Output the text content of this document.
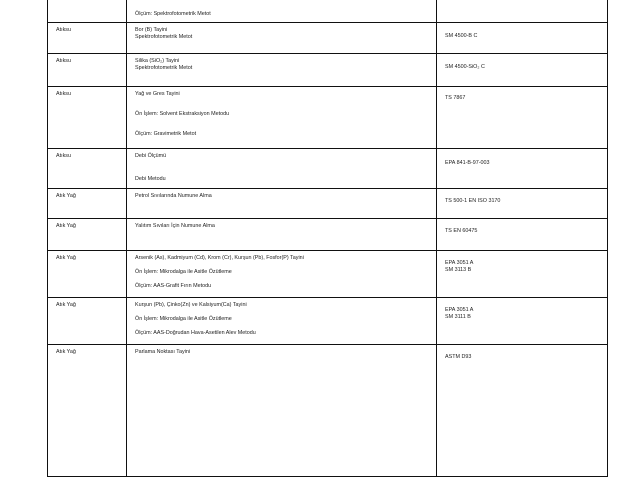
	Ölçüm: Spektrofotometrik Metot	

Atıksu	Bor (B) Tayini
Spektrofotometrik Metot	SM 4500-B C

Atıksu	Silika (SiO₂) Tayini
Spektrofotometrik Metot	SM 4500-SiO₂ C

Atıksu	Yağ ve Gres Tayini
Ön İşlem: Solvent Ekstraksiyon Metodu
Ölçüm: Gravimetrik Metot	TS 7867

Atıksu	Debi Ölçümü
Debi Metodu	EPA 841-B-97-003

Atık Yağ	Petrol Sıvılarında Numune Alma	TS 500-1 EN ISO 3170

Atık Yağ	Yalıtım Sıvıları İçin Numune Alma	TS EN 60475

Atık Yağ	Arsenik (As), Kadmiyum (Cd), Krom (Cr), Kurşun (Pb), Fosfor(P) Tayini
Ön İşlem: Mikrodalga ile Asitle Özütleme
Ölçüm: AAS-Grafit Fırın Metodu	EPA 3051 A
SM 3113 B

Atık Yağ	Kurşun (Pb), Çinko(Zn) ve Kalsiyum(Ca) Tayini
Ön İşlem: Mikrodalga ile Asitle Özütleme
Ölçüm: AAS-Doğrudan Hava-Asetilen Alev Metodu	EPA 3051 A
SM 3111 B

Atık Yağ	Parlama Noktası Tayini	ASTM D93
